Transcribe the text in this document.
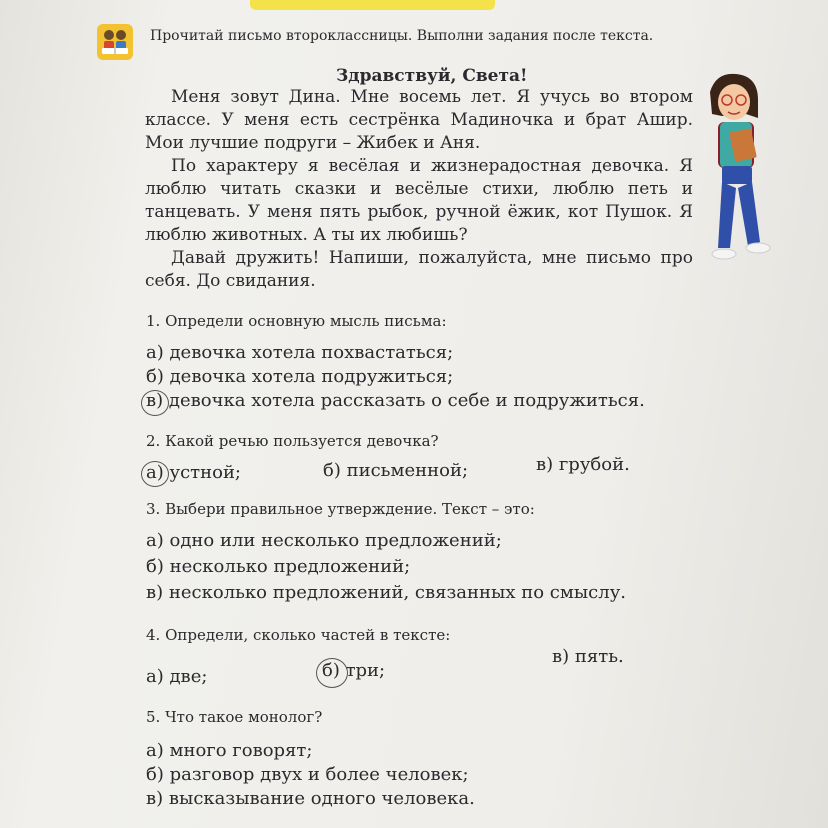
Прочитай письмо второклассницы. Выполни задания после текста.
Здравствуй, Света!

Меня зовут Дина. Мне восемь лет. Я учусь во втором классе. У меня есть сестрёнка Мадиночка и брат Ашир. Мои лучшие подруги – Жибек и Аня.

По характеру я весёлая и жизнерадостная девочка. Я люблю читать сказки и весёлые стихи, люблю петь и танцевать. У меня пять рыбок, ручной ёжик, кот Пушок. Я люблю животных. А ты их любишь?

Давай дружить! Напиши, пожалуйста, мне письмо про себя. До свидания.

1. Определи основную мысль письма:
а) девочка хотела похвастаться;
б) девочка хотела подружиться;
в) девочка хотела рассказать о себе и подружиться.
2. Какой речью пользуется девочка?
а) устной;	б) письменной;	в) грубой.
3. Выбери правильное утверждение. Текст – это:
а) одно или несколько предложений;
б) несколько предложений;
в) несколько предложений, связанных по смыслу.
4. Определи, сколько частей в тексте:
а) две;	б) три;
в) пять.
5. Что такое монолог?
а) много говорят;
б) разговор двух и более человек;
в) высказывание одного человека.
